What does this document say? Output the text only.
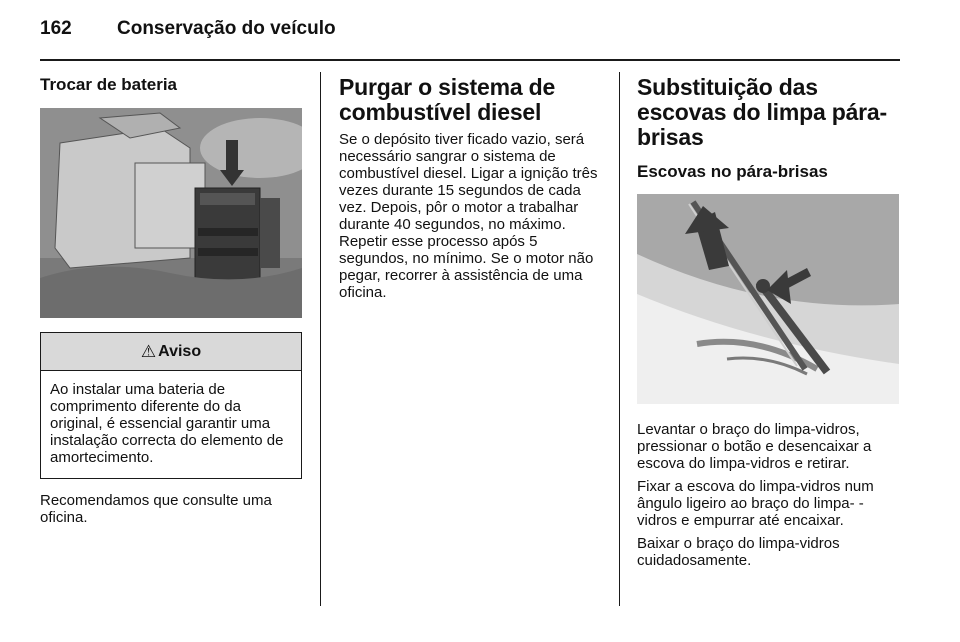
162 Conservação do veículo
Trocar de bateria
⚠ Aviso

Ao instalar uma bateria de comprimento diferente do da original, é essencial garantir uma instalação correcta do elemento de amortecimento.

Recomendamos que consulte uma oficina.

Purgar o sistema de combustível diesel

Se o depósito tiver ficado vazio, será necessário sangrar o sistema de combustível diesel. Ligar a ignição três vezes durante 15 segundos de cada vez. Depois, pôr o motor a trabalhar durante 40 segundos, no máximo. Repetir esse processo após 5 segundos, no mínimo. Se o motor não pegar, recorrer à assistência de uma oficina.

Substituição das escovas do limpa pára-brisas
Escovas no pára-brisas

Levantar o braço do limpa-vidros, pressionar o botão e desencaixar a escova do limpa-vidros e retirar.

Fixar a escova do limpa-vidros num ângulo ligeiro ao braço do limpa- -vidros e empurrar até encaixar.

Baixar o braço do limpa-vidros cuidadosamente.
